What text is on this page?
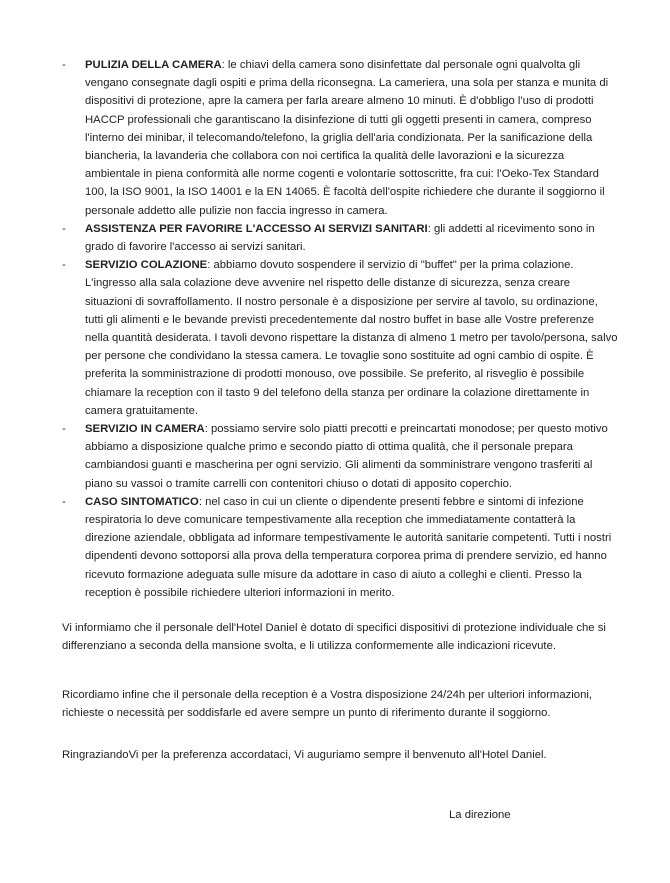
- PULIZIA DELLA CAMERA: le chiavi della camera sono disinfettate dal personale ogni qualvolta gli vengano consegnate dagli ospiti e prima della riconsegna. La cameriera, una sola per stanza e munita di dispositivi di protezione, apre la camera per farla areare almeno 10 minuti. È d'obbligo l'uso di prodotti HACCP professionali che garantiscano la disinfezione di tutti gli oggetti presenti in camera, compreso l'interno dei minibar, il telecomando/telefono, la griglia dell'aria condizionata. Per la sanificazione della biancheria, la lavanderia che collabora con noi certifica la qualità delle lavorazioni e la sicurezza ambientale in piena conformità alle norme cogenti e volontarie sottoscritte, fra cui: l'Oeko-Tex Standard 100, la ISO 9001, la ISO 14001 e la EN 14065. È facoltà dell'ospite richiedere che durante il soggiorno il personale addetto alle pulizie non faccia ingresso in camera.
- ASSISTENZA PER FAVORIRE L'ACCESSO AI SERVIZI SANITARI: gli addetti al ricevimento sono in grado di favorire l'accesso ai servizi sanitari.
- SERVIZIO COLAZIONE: abbiamo dovuto sospendere il servizio di "buffet" per la prima colazione. L'ingresso alla sala colazione deve avvenire nel rispetto delle distanze di sicurezza, senza creare situazioni di sovraffollamento. Il nostro personale è a disposizione per servire al tavolo, su ordinazione, tutti gli alimenti e le bevande previsti precedentemente dal nostro buffet in base alle Vostre preferenze nella quantità desiderata. I tavoli devono rispettare la distanza di almeno 1 metro per tavolo/persona, salvo per persone che condividano la stessa camera. Le tovaglie sono sostituite ad ogni cambio di ospite. È preferita la somministrazione di prodotti monouso, ove possibile. Se preferito, al risveglio è possibile chiamare la reception con il tasto 9 del telefono della stanza per ordinare la colazione direttamente in camera gratuitamente.
- SERVIZIO IN CAMERA: possiamo servire solo piatti precotti e preincartati monodose; per questo motivo abbiamo a disposizione qualche primo e secondo piatto di ottima qualità, che il personale prepara cambiandosi guanti e mascherina per ogni servizio. Gli alimenti da somministrare vengono trasferiti al piano su vassoi o tramite carrelli con contenitori chiuso o dotati di apposito coperchio.
- CASO SINTOMATICO: nel caso in cui un cliente o dipendente presenti febbre e sintomi di infezione respiratoria lo deve comunicare tempestivamente alla reception che immediatamente contatterà la direzione aziendale, obbligata ad informare tempestivamente le autorità sanitarie competenti. Tutti i nostri dipendenti devono sottoporsi alla prova della temperatura corporea prima di prendere servizio, ed hanno ricevuto formazione adeguata sulle misure da adottare in caso di aiuto a colleghi e clienti. Presso la reception è possibile richiedere ulteriori informazioni in merito.

Vi informiamo che il personale dell'Hotel Daniel è dotato di specifici dispositivi di protezione individuale che si differenziano a seconda della mansione svolta, e li utilizza conformemente alle indicazioni ricevute.

Ricordiamo infine che il personale della reception è a Vostra disposizione 24/24h per ulteriori informazioni, richieste o necessità per soddisfarle ed avere sempre un punto di riferimento durante il soggiorno.

RingraziandoVi per la preferenza accordataci, Vi auguriamo sempre il benvenuto all'Hotel Daniel.

La direzione
